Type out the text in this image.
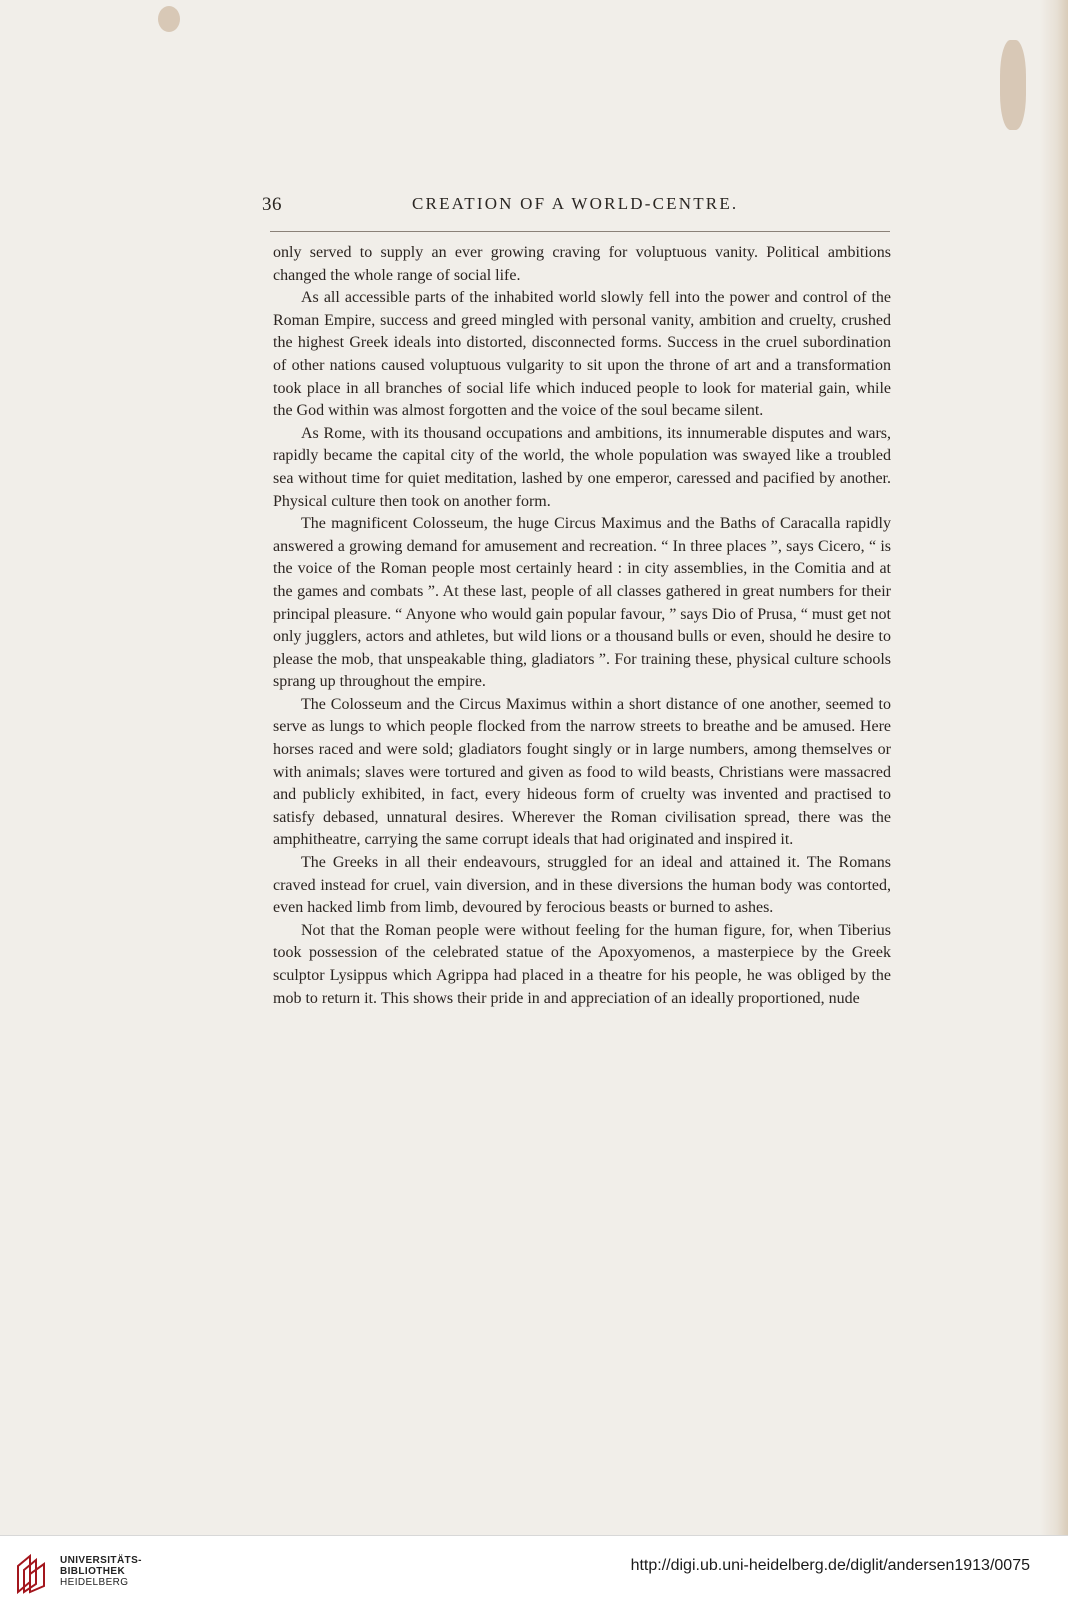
36	CREATION OF A WORLD-CENTRE.

only served to supply an ever growing craving for voluptuous vanity. Political ambitions changed the whole range of social life.

As all accessible parts of the inhabited world slowly fell into the power and control of the Roman Empire, success and greed mingled with personal vanity, ambition and cruelty, crushed the highest Greek ideals into distorted, disconnected forms. Success in the cruel subordination of other nations caused voluptuous vulgarity to sit upon the throne of art and a transformation took place in all branches of social life which induced people to look for material gain, while the God within was almost forgotten and the voice of the soul became silent.

As Rome, with its thousand occupations and ambitions, its innumerable disputes and wars, rapidly became the capital city of the world, the whole population was swayed like a troubled sea without time for quiet meditation, lashed by one emperor, caressed and pacified by another. Physical culture then took on another form.

The magnificent Colosseum, the huge Circus Maximus and the Baths of Caracalla rapidly answered a growing demand for amusement and recreation. “ In three places ”, says Cicero, “ is the voice of the Roman people most certainly heard : in city assemblies, in the Comitia and at the games and combats ”. At these last, people of all classes gathered in great numbers for their principal pleasure. “ Anyone who would gain popular favour, ” says Dio of Prusa, “ must get not only jugglers, actors and athletes, but wild lions or a thousand bulls or even, should he desire to please the mob, that unspeakable thing, gladiators ”. For training these, physical culture schools sprang up throughout the empire.

The Colosseum and the Circus Maximus within a short distance of one another, seemed to serve as lungs to which people flocked from the narrow streets to breathe and be amused. Here horses raced and were sold; gladiators fought singly or in large numbers, among themselves or with animals; slaves were tortured and given as food to wild beasts, Christians were massacred and publicly exhibited, in fact, every hideous form of cruelty was invented and practised to satisfy debased, unnatural desires. Wherever the Roman civilisation spread, there was the amphitheatre, carrying the same corrupt ideals that had originated and inspired it.

The Greeks in all their endeavours, struggled for an ideal and attained it. The Romans craved instead for cruel, vain diversion, and in these diversions the human body was contorted, even hacked limb from limb, devoured by ferocious beasts or burned to ashes.

Not that the Roman people were without feeling for the human figure, for, when Tiberius took possession of the celebrated statue of the Apoxyomenos, a masterpiece by the Greek sculptor Lysippus which Agrippa had placed in a theatre for his people, he was obliged by the mob to return it. This shows their pride in and appreciation of an ideally proportioned, nude

UNIVERSITÄTS-
BIBLIOTHEK
HEIDELBERG
http://digi.ub.uni-heidelberg.de/diglit/andersen1913/0075
